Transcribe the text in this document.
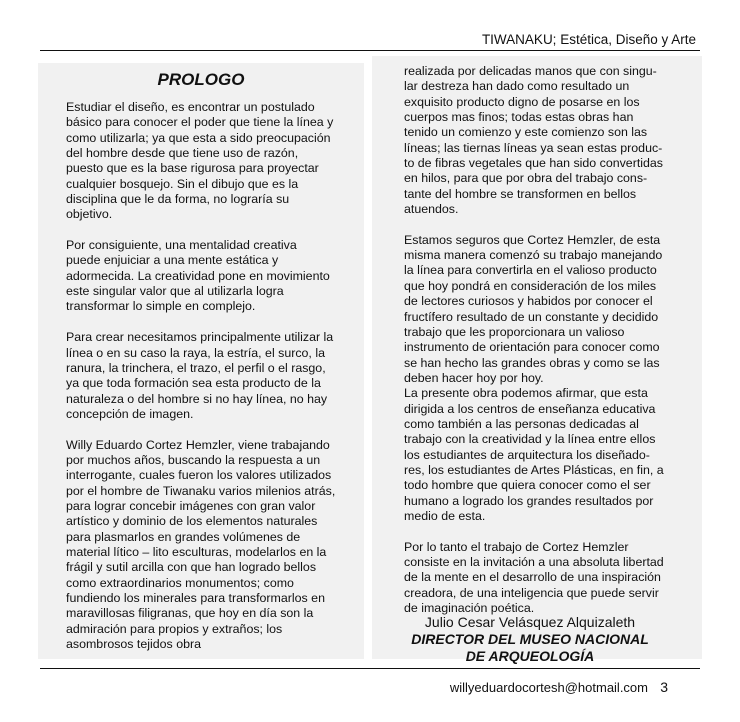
TIWANAKU; Estética, Diseño y Arte
PROLOGO

Estudiar el diseño, es encontrar un postulado
básico para conocer el poder que tiene la línea y
como utilizarla; ya que esta a sido preocupación
del hombre desde que tiene uso de razón,
puesto que es la base rigurosa para proyectar
cualquier bosquejo. Sin el dibujo que es la
disciplina que le da forma, no lograría su
objetivo.

Por consiguiente, una mentalidad creativa
puede enjuiciar a una mente estática y
adormecida. La creatividad pone en movimiento
este singular valor que al utilizarla logra
transformar lo simple en complejo.

Para crear necesitamos principalmente utilizar la
línea o en su caso la raya, la estría, el surco, la
ranura, la trinchera, el trazo, el perfil o el rasgo,
ya que toda formación sea esta producto de la
naturaleza o del hombre si no hay línea, no hay
concepción de imagen.

Willy Eduardo Cortez Hemzler, viene trabajando
por muchos años, buscando la respuesta a un
interrogante, cuales fueron los valores utilizados
por el hombre de Tiwanaku varios milenios atrás,
para lograr concebir imágenes con gran valor
artístico y dominio de los elementos naturales
para plasmarlos en grandes volúmenes de
material lítico – lito esculturas, modelarlos en la
frágil y sutil arcilla con que han logrado bellos
como extraordinarios monumentos; como
fundiendo los minerales para transformarlos en
maravillosas filigranas, que hoy en día son la
admiración para propios y extraños; los
asombrosos tejidos obra

realizada por delicadas manos que con singu-
lar destreza han dado como resultado un
exquisito producto digno de posarse en los
cuerpos mas finos; todas estas obras han
tenido un comienzo y este comienzo son las
líneas; las tiernas líneas ya sean estas produc-
to de fibras vegetales que han sido convertidas
en hilos, para que por obra del trabajo cons-
tante del hombre se transformen en bellos
atuendos.

Estamos seguros que Cortez Hemzler, de esta
misma manera comenzó su trabajo manejando
la línea para convertirla en el valioso producto
que hoy pondrá en consideración de los miles
de lectores curiosos y habidos por conocer el
fructífero resultado de un constante y decidido
trabajo que les proporcionara un valioso
instrumento de orientación para conocer como
se han hecho las grandes obras y como se las
deben hacer hoy por hoy.

La presente obra podemos afirmar, que esta
dirigida a los centros de enseñanza educativa
como también a las personas dedicadas al
trabajo con la creatividad y la línea entre ellos
los estudiantes de arquitectura los diseñado-
res, los estudiantes de Artes Plásticas, en fin, a
todo hombre que quiera conocer como el ser
humano a logrado los grandes resultados por
medio de esta.

Por lo tanto el trabajo de Cortez Hemzler
consiste en la invitación a una absoluta libertad
de la mente en el desarrollo de una inspiración
creadora, de una inteligencia que puede servir
de imaginación poética.

Julio Cesar Velásquez Alquizaleth
DIRECTOR DEL MUSEO NACIONAL
DE ARQUEOLOGÍA
willyeduardocortesh@hotmail.com 3
